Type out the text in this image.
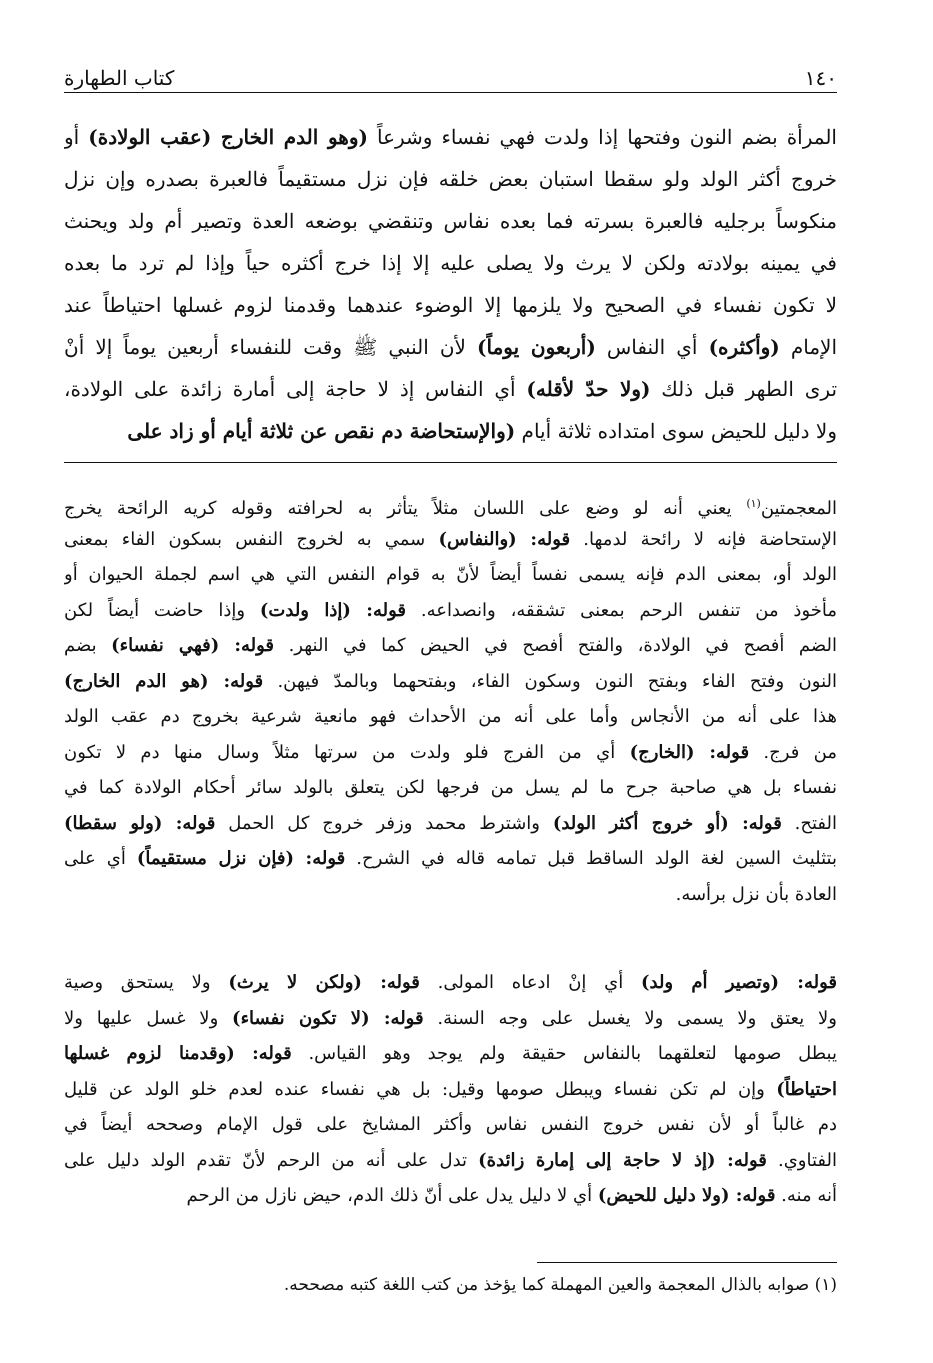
١٤٠
كتاب الطهارة
المرأة بضم النون وفتحها إذا ولدت فهي نفساء وشرعاً (وهو الدم الخارج (عقب الولادة) أو
خروج أكثر الولد ولو سقطا استبان بعض خلقه فإن نزل مستقيماً فالعبرة بصدره وإن نزل
منكوساً برجليه فالعبرة بسرته فما بعده نفاس وتنقضي بوضعه العدة وتصير أم ولد ويحنث
في يمينه بولادته ولكن لا يرث ولا يصلى عليه إلا إذا خرج أكثره حياً وإذا لم ترد ما بعده
لا تكون نفساء في الصحيح ولا يلزمها إلا الوضوء عندهما وقدمنا لزوم غسلها احتياطاً عند
الإمام (وأكثره) أي النفاس (أربعون يوماً) لأن النبي ﷺ وقت للنفساء أربعين يوماً إلا أنْ
ترى الطهر قبل ذلك (ولا حدّ لأقله) أي النفاس إذ لا حاجة إلى أمارة زائدة على الولادة،
ولا دليل للحيض سوى امتداده ثلاثة أيام (والإستحاضة دم نقص عن ثلاثة أيام أو زاد على
المعجمتين$^{(١)}$ يعني أنه لو وضع على اللسان مثلاً يتأثر به لحرافته وقوله كريه الرائحة يخرج
الإستحاضة فإنه لا رائحة لدمها. قوله: (والنفاس) سمي به لخروج النفس بسكون الفاء بمعنى
الولد أو، بمعنى الدم فإنه يسمى نفساً أيضاً لأنّ به قوام النفس التي هي اسم لجملة الحيوان أو
مأخوذ من تنفس الرحم بمعنى تشققه، وانصداعه. قوله: (إذا ولدت) وإذا حاضت أيضاً لكن
الضم أفصح في الولادة، والفتح أفصح في الحيض كما في النهر. قوله: (فهي نفساء) بضم
النون وفتح الفاء وبفتح النون وسكون الفاء، وبفتحهما وبالمدّ فيهن. قوله: (هو الدم الخارج)
هذا على أنه من الأنجاس وأما على أنه من الأحداث فهو مانعية شرعية بخروج دم عقب الولد
من فرج. قوله: (الخارج) أي من الفرج فلو ولدت من سرتها مثلاً وسال منها دم لا تكون
نفساء بل هي صاحبة جرح ما لم يسل من فرجها لكن يتعلق بالولد سائر أحكام الولادة كما في
الفتح. قوله: (أو خروج أكثر الولد) واشترط محمد وزفر خروج كل الحمل قوله: (ولو سقطا)
بتثليث السين لغة الولد الساقط قبل تمامه قاله في الشرح. قوله: (فإن نزل مستقيماً) أي على
العادة بأن نزل برأسه.
قوله: (وتصير أم ولد) أي إنْ ادعاه المولى. قوله: (ولكن لا يرث) ولا يستحق وصية
ولا يعتق ولا يسمى ولا يغسل على وجه السنة. قوله: (لا تكون نفساء) ولا غسل عليها ولا
يبطل صومها لتعلقهما بالنفاس حقيقة ولم يوجد وهو القياس. قوله: (وقدمنا لزوم غسلها
احتياطاً) وإن لم تكن نفساء ويبطل صومها وقيل: بل هي نفساء عنده لعدم خلو الولد عن قليل
دم غالباً أو لأن نفس خروج النفس نفاس وأكثر المشايخ على قول الإمام وصححه أيضاً في
الفتاوي. قوله: (إذ لا حاجة إلى إمارة زائدة) تدل على أنه من الرحم لأنّ تقدم الولد دليل على
أنه منه. قوله: (ولا دليل للحيض) أي لا دليل يدل على أنّ ذلك الدم، حيض نازل من الرحم
(١) صوابه بالذال المعجمة والعين المهملة كما يؤخذ من كتب اللغة كتبه مصححه.
